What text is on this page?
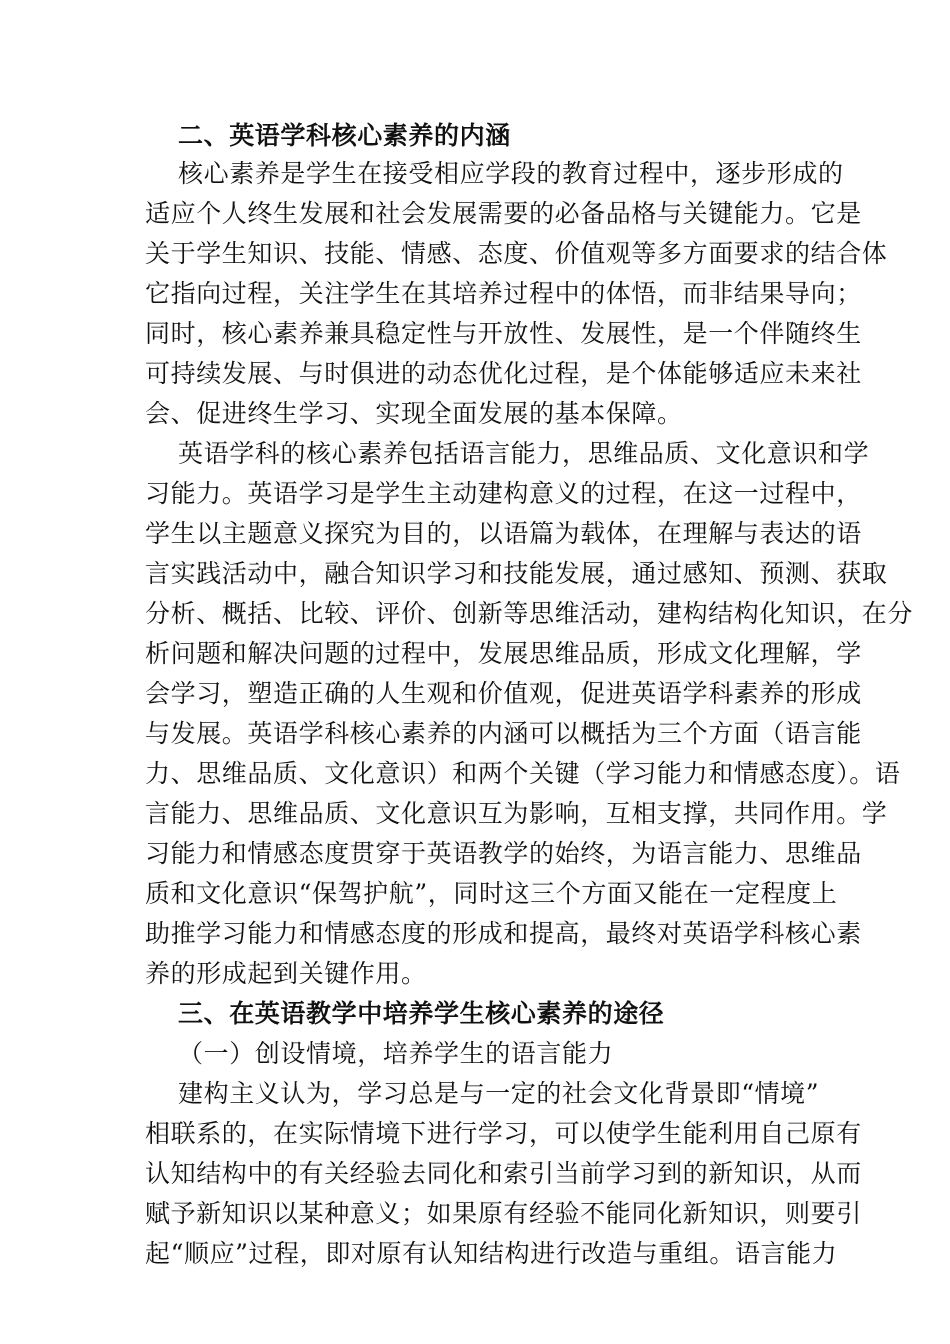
二、英语学科核心素养的内涵
核心素养是学生在接受相应学段的教育过程中，逐步形成的
适应个人终生发展和社会发展需要的必备品格与关键能力。它是
关于学生知识、技能、情感、态度、价值观等多方面要求的结合体
它指向过程，关注学生在其培养过程中的体悟，而非结果导向；
同时，核心素养兼具稳定性与开放性、发展性，是一个伴随终生
可持续发展、与时俱进的动态优化过程，是个体能够适应未来社
会、促进终生学习、实现全面发展的基本保障。
英语学科的核心素养包括语言能力，思维品质、文化意识和学
习能力。英语学习是学生主动建构意义的过程，在这一过程中，
学生以主题意义探究为目的，以语篇为载体，在理解与表达的语
言实践活动中，融合知识学习和技能发展，通过感知、预测、获取
分析、概括、比较、评价、创新等思维活动，建构结构化知识，在分
析问题和解决问题的过程中，发展思维品质，形成文化理解，学
会学习，塑造正确的人生观和价值观，促进英语学科素养的形成
与发展。英语学科核心素养的内涵可以概括为三个方面（语言能
力、思维品质、文化意识）和两个关键（学习能力和情感态度）。语
言能力、思维品质、文化意识互为影响，互相支撑，共同作用。学
习能力和情感态度贯穿于英语教学的始终，为语言能力、思维品
质和文化意识“保驾护航”，同时这三个方面又能在一定程度上
助推学习能力和情感态度的形成和提高，最终对英语学科核心素
养的形成起到关键作用。
三、在英语教学中培养学生核心素养的途径
（一）创设情境，培养学生的语言能力
建构主义认为，学习总是与一定的社会文化背景即“情境”
相联系的，在实际情境下进行学习，可以使学生能利用自己原有
认知结构中的有关经验去同化和索引当前学习到的新知识，从而
赋予新知识以某种意义；如果原有经验不能同化新知识，则要引
起“顺应”过程，即对原有认知结构进行改造与重组。语言能力
